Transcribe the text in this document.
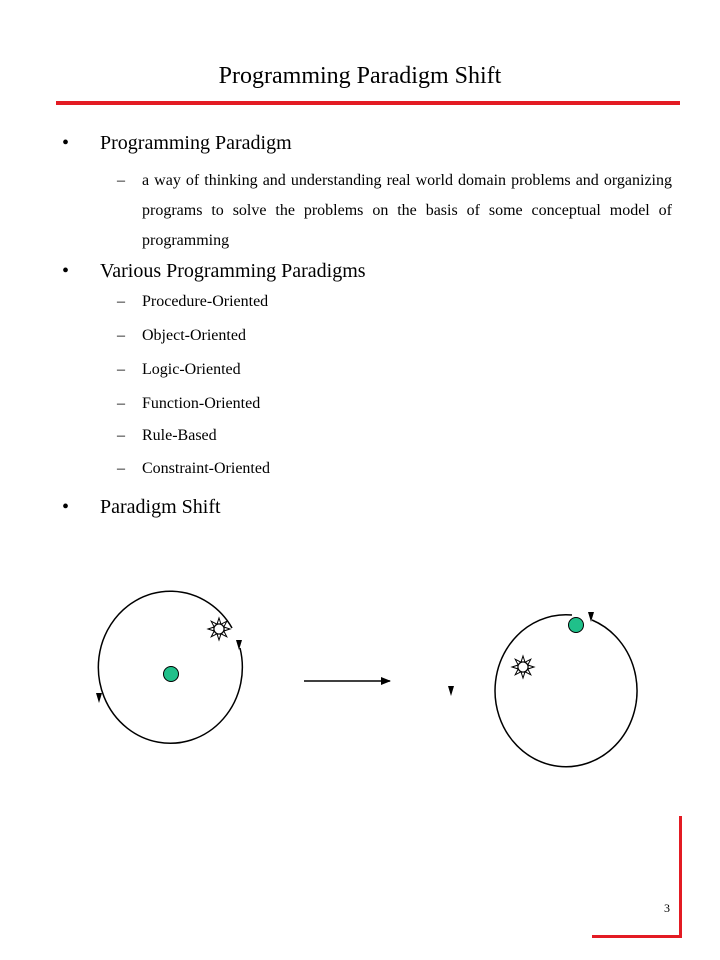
Programming Paradigm Shift
• Programming Paradigm
– a way of thinking and understanding real world domain problems and organizing programs to solve the problems on the basis of some conceptual model of programming
• Various Programming Paradigms
– Procedure-Oriented
– Object-Oriented
– Logic-Oriented
– Function-Oriented
– Rule-Based
– Constraint-Oriented
• Paradigm Shift
3
